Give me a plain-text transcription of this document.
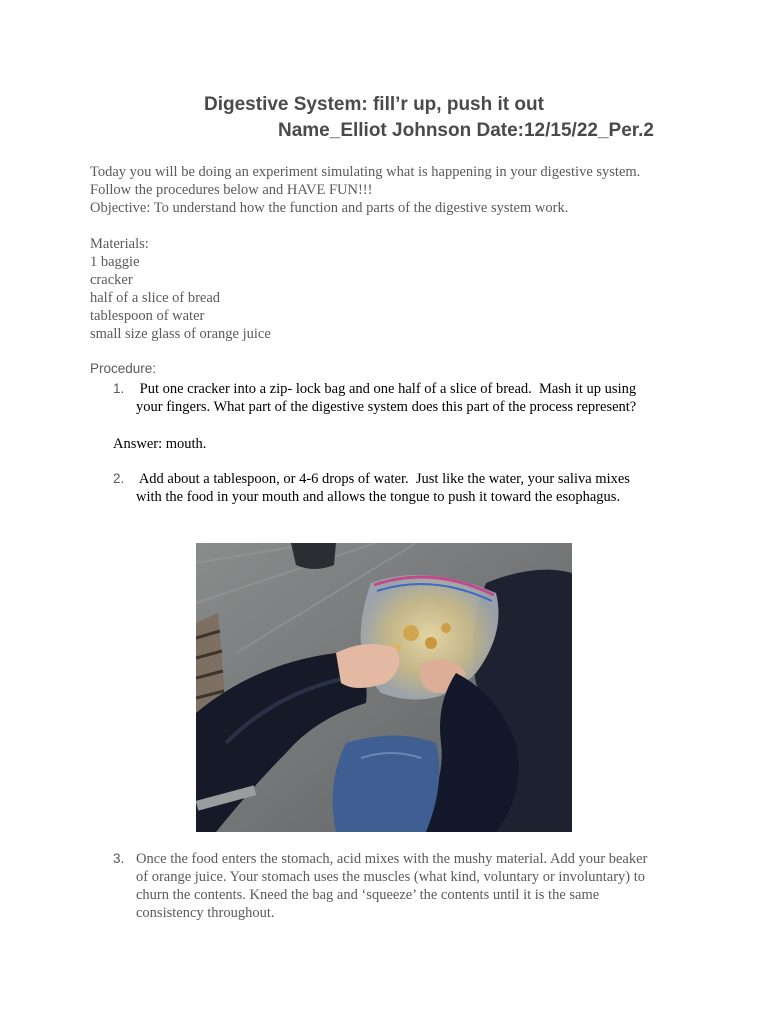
Digestive System: fill’r up, push it out
Name_Elliot Johnson Date:12/15/22_Per.2
Today you will be doing an experiment simulating what is happening in your digestive system.
Follow the procedures below and HAVE FUN!!!
Objective: To understand how the function and parts of the digestive system work.
Materials:
1 baggie
cracker
half of a slice of bread
tablespoon of water
small size glass of orange juice
Procedure:
1. Put one cracker into a zip- lock bag and one half of a slice of bread.  Mash it up using
your fingers. What part of the digestive system does this part of the process represent?
Answer: mouth.
2. Add about a tablespoon, or 4-6 drops of water.  Just like the water, your saliva mixes
with the food in your mouth and allows the tongue to push it toward the esophagus.
3. Once the food enters the stomach, acid mixes with the mushy material. Add your beaker
of orange juice. Your stomach uses the muscles (what kind, voluntary or involuntary) to
churn the contents. Kneed the bag and ‘squeeze’ the contents until it is the same
consistency throughout.
